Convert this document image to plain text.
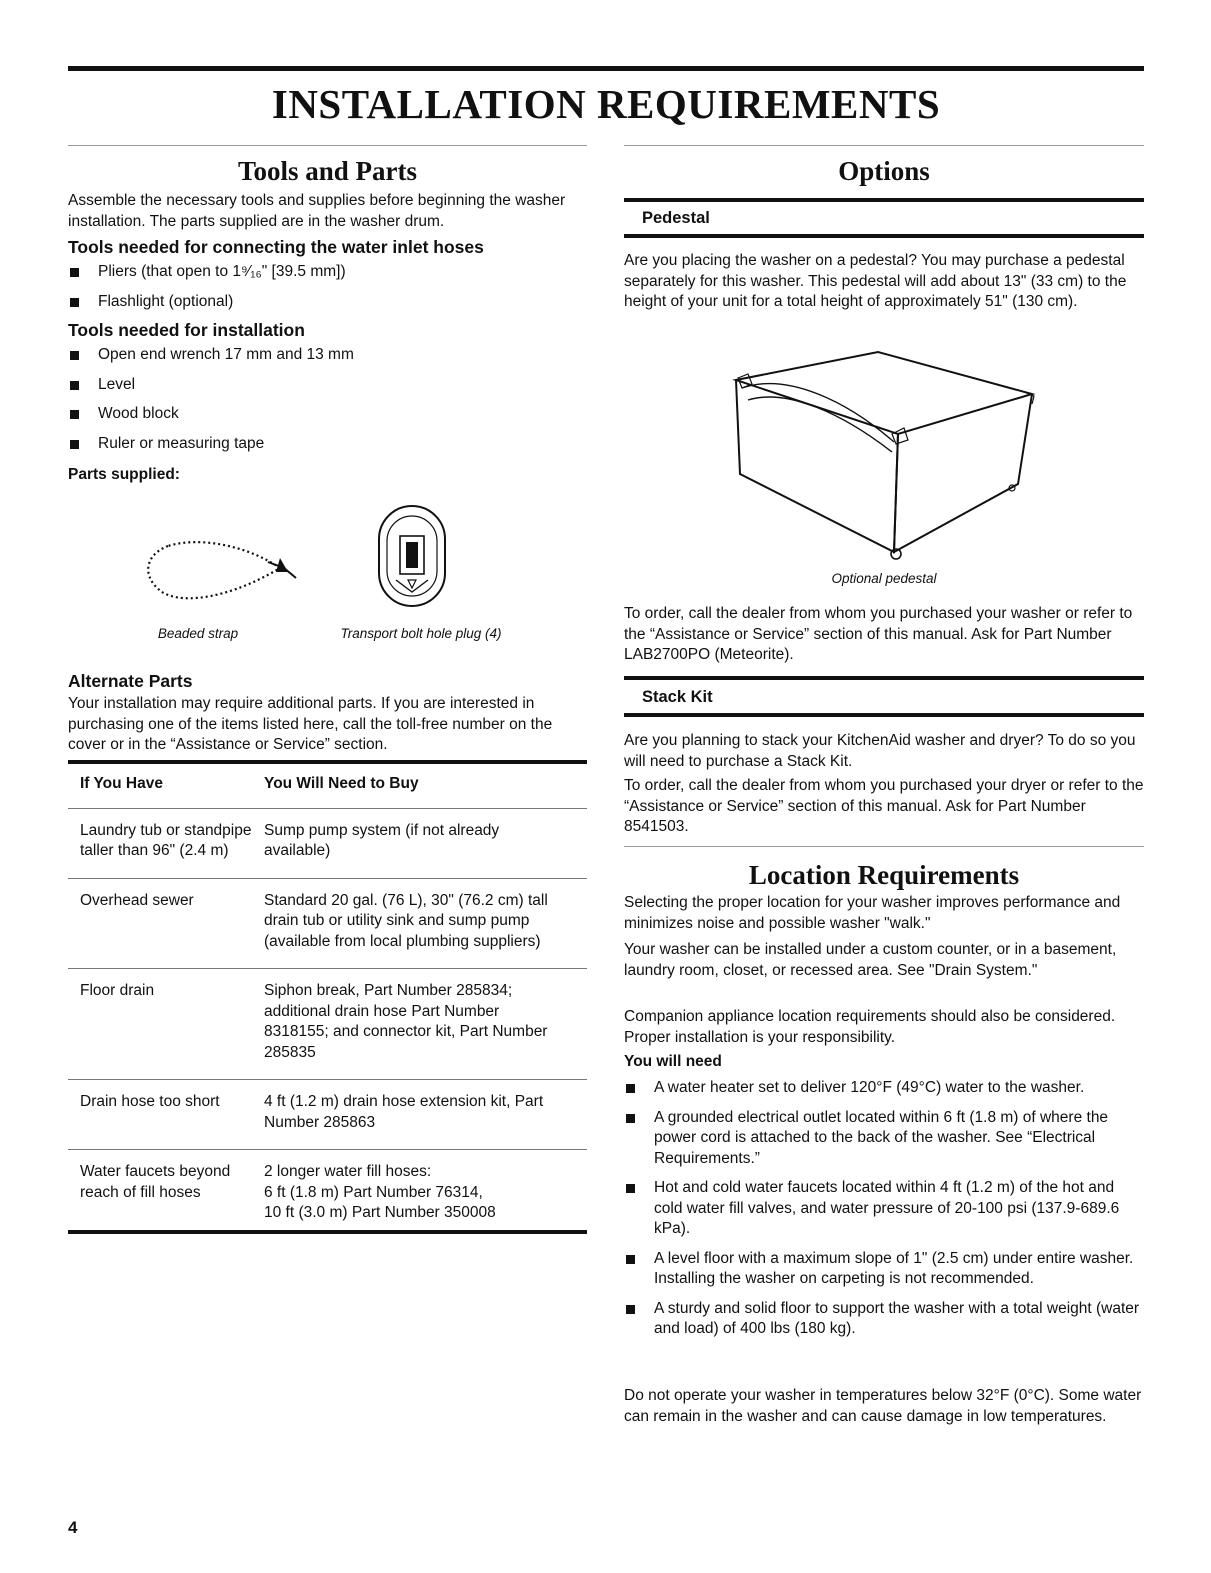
INSTALLATION REQUIREMENTS
Tools and Parts
Assemble the necessary tools and supplies before beginning the washer installation. The parts supplied are in the washer drum.
Tools needed for connecting the water inlet hoses
Pliers (that open to 1⁹⁄₁₆" [39.5 mm])
Flashlight (optional)
Tools needed for installation
Open end wrench 17 mm and 13 mm
Level
Wood block
Ruler or measuring tape
Parts supplied:
Beaded strap	Transport bolt hole plug (4)
Alternate Parts
Your installation may require additional parts. If you are interested in purchasing one of the items listed here, call the toll-free number on the cover or in the “Assistance or Service” section.
If You Have	You Will Need to Buy
Laundry tub or standpipe taller than 96" (2.4 m)	Sump pump system (if not already available)
Overhead sewer	Standard 20 gal. (76 L), 30" (76.2 cm) tall drain tub or utility sink and sump pump (available from local plumbing suppliers)
Floor drain	Siphon break, Part Number 285834; additional drain hose Part Number 8318155; and connector kit, Part Number 285835
Drain hose too short	4 ft (1.2 m) drain hose extension kit, Part Number 285863
Water faucets beyond reach of fill hoses	2 longer water fill hoses:
6 ft (1.8 m) Part Number 76314,
10 ft (3.0 m) Part Number 350008
Options
Pedestal
Are you placing the washer on a pedestal? You may purchase a pedestal separately for this washer. This pedestal will add about 13" (33 cm) to the height of your unit for a total height of approximately 51" (130 cm).
Optional pedestal
To order, call the dealer from whom you purchased your washer or refer to the “Assistance or Service” section of this manual. Ask for Part Number LAB2700PO (Meteorite).
Stack Kit
Are you planning to stack your KitchenAid washer and dryer? To do so you will need to purchase a Stack Kit.
To order, call the dealer from whom you purchased your dryer or refer to the “Assistance or Service” section of this manual. Ask for Part Number 8541503.
Location Requirements
Selecting the proper location for your washer improves performance and minimizes noise and possible washer "walk."
Your washer can be installed under a custom counter, or in a basement, laundry room, closet, or recessed area. See "Drain System."
Companion appliance location requirements should also be considered. Proper installation is your responsibility.
You will need
A water heater set to deliver 120°F (49°C) water to the washer.
A grounded electrical outlet located within 6 ft (1.8 m) of where the power cord is attached to the back of the washer. See “Electrical Requirements.”
Hot and cold water faucets located within 4 ft (1.2 m) of the hot and cold water fill valves, and water pressure of 20-100 psi (137.9-689.6 kPa).
A level floor with a maximum slope of 1" (2.5 cm) under entire washer. Installing the washer on carpeting is not recommended.
A sturdy and solid floor to support the washer with a total weight (water and load) of 400 lbs (180 kg).
Do not operate your washer in temperatures below 32°F (0°C). Some water can remain in the washer and can cause damage in low temperatures.
4
